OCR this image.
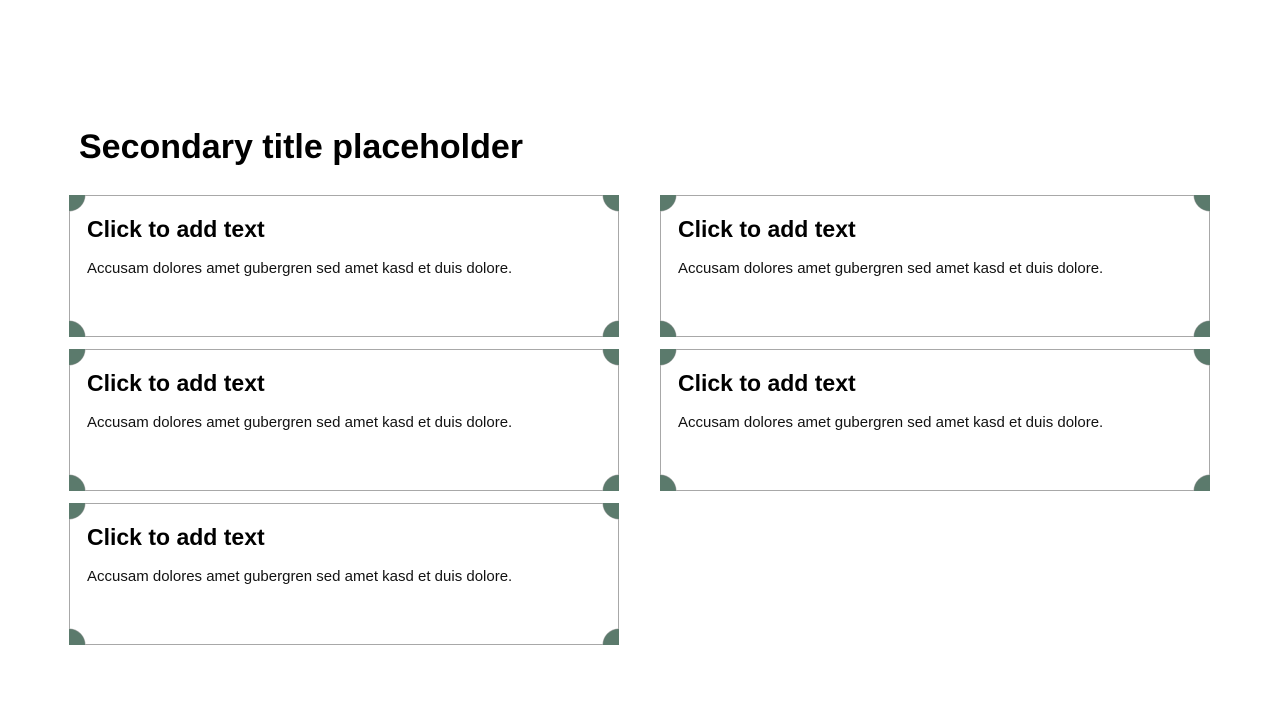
Secondary title placeholder
Click to add text
Accusam dolores amet gubergren sed amet kasd et duis dolore.
Click to add text
Accusam dolores amet gubergren sed amet kasd et duis dolore.
Click to add text
Accusam dolores amet gubergren sed amet kasd et duis dolore.
Click to add text
Accusam dolores amet gubergren sed amet kasd et duis dolore.
Click to add text
Accusam dolores amet gubergren sed amet kasd et duis dolore.
